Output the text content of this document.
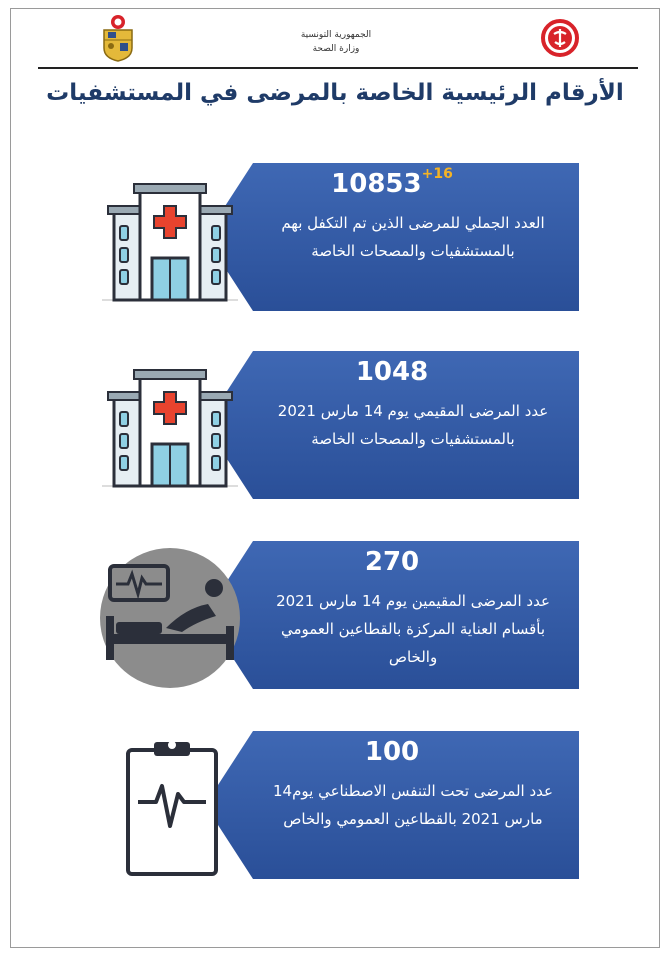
الجمهورية التونسية
وزارة الصحة
الأرقام الرئيسية الخاصة بالمرضى في المستشفيات
$10853^{+16}$
العدد الجملي للمرضى الذين تم التكفل بهم بالمستشفيات والمصحات الخاصة
1048
عدد المرضى المقيمي يوم 14 مارس 2021 بالمستشفيات والمصحات الخاصة
270
عدد المرضى المقيمين يوم 14 مارس 2021 بأقسام العناية المركزة بالقطاعين العمومي والخاص
100
عدد المرضى تحت التنفس الاصطناعي يوم14 مارس 2021 بالقطاعين العمومي والخاص
